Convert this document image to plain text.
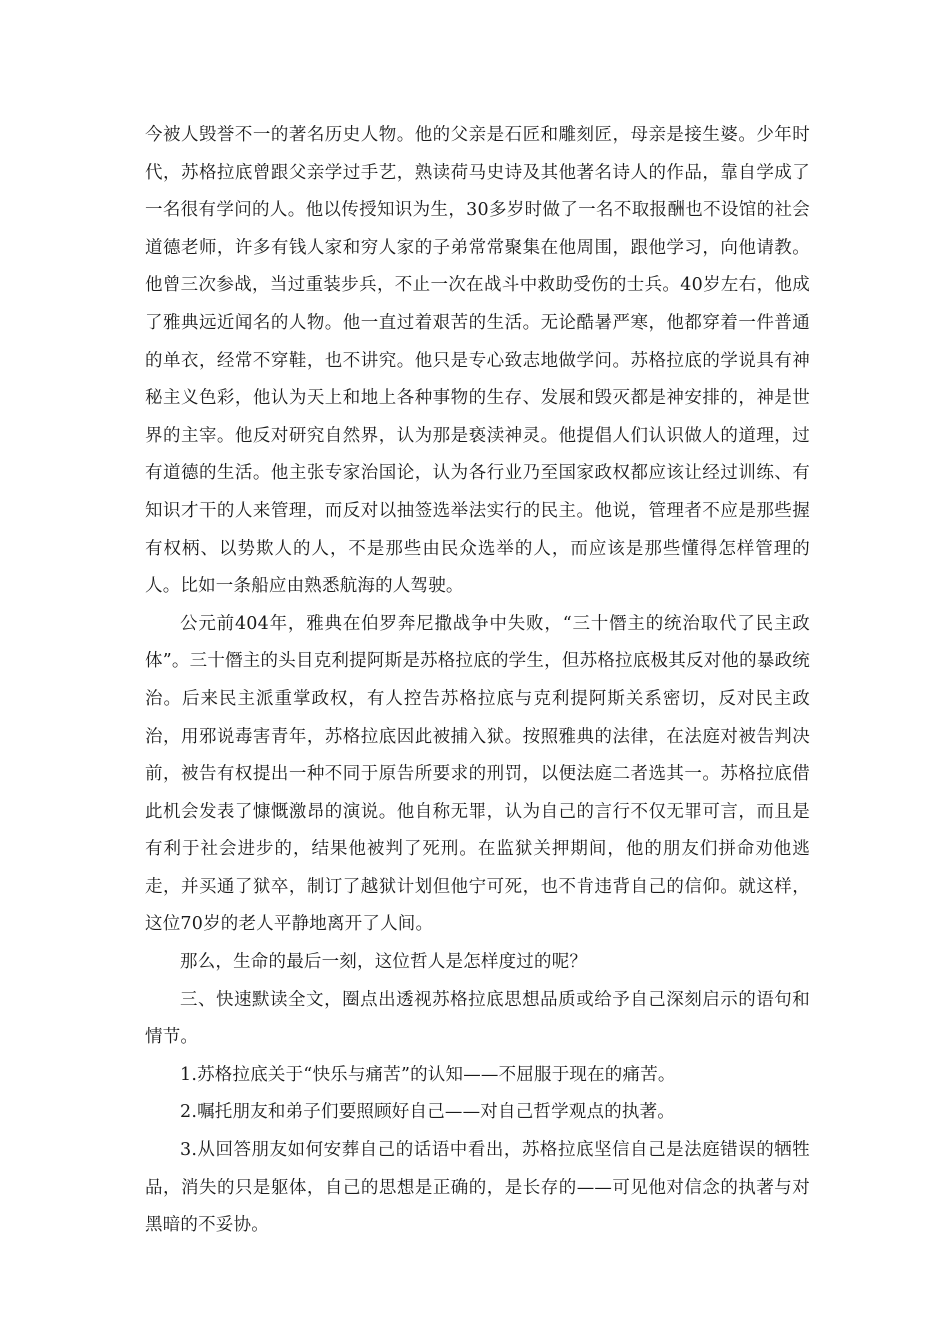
今被人毁誉不一的著名历史人物。他的父亲是石匠和雕刻匠，母亲是接生婆。少年时代，苏格拉底曾跟父亲学过手艺，熟读荷马史诗及其他著名诗人的作品，靠自学成了一名很有学问的人。他以传授知识为生，30多岁时做了一名不取报酬也不设馆的社会道德老师，许多有钱人家和穷人家的子弟常常聚集在他周围，跟他学习，向他请教。他曾三次参战，当过重装步兵，不止一次在战斗中救助受伤的士兵。40岁左右，他成了雅典远近闻名的人物。他一直过着艰苦的生活。无论酷暑严寒，他都穿着一件普通的单衣，经常不穿鞋，也不讲究。他只是专心致志地做学问。苏格拉底的学说具有神秘主义色彩，他认为天上和地上各种事物的生存、发展和毁灭都是神安排的，神是世界的主宰。他反对研究自然界，认为那是亵渎神灵。他提倡人们认识做人的道理，过有道德的生活。他主张专家治国论，认为各行业乃至国家政权都应该让经过训练、有知识才干的人来管理，而反对以抽签选举法实行的民主。他说，管理者不应是那些握有权柄、以势欺人的人，不是那些由民众选举的人，而应该是那些懂得怎样管理的人。比如一条船应由熟悉航海的人驾驶。

公元前404年，雅典在伯罗奔尼撒战争中失败，“三十僭主的统治取代了民主政体”。三十僭主的头目克利提阿斯是苏格拉底的学生，但苏格拉底极其反对他的暴政统治。后来民主派重掌政权，有人控告苏格拉底与克利提阿斯关系密切，反对民主政治，用邪说毒害青年，苏格拉底因此被捕入狱。按照雅典的法律，在法庭对被告判决前，被告有权提出一种不同于原告所要求的刑罚，以便法庭二者选其一。苏格拉底借此机会发表了慷慨激昂的演说。他自称无罪，认为自己的言行不仅无罪可言，而且是有利于社会进步的，结果他被判了死刑。在监狱关押期间，他的朋友们拼命劝他逃走，并买通了狱卒，制订了越狱计划但他宁可死，也不肯违背自己的信仰。就这样，这位70岁的老人平静地离开了人间。

那么，生命的最后一刻，这位哲人是怎样度过的呢？

三、快速默读全文，圈点出透视苏格拉底思想品质或给予自己深刻启示的语句和情节。

1.苏格拉底关于“快乐与痛苦”的认知——不屈服于现在的痛苦。

2.嘱托朋友和弟子们要照顾好自己——对自己哲学观点的执著。

3.从回答朋友如何安葬自己的话语中看出，苏格拉底坚信自己是法庭错误的牺牲品，消失的只是躯体，自己的思想是正确的，是长存的——可见他对信念的执著与对黑暗的不妥协。
